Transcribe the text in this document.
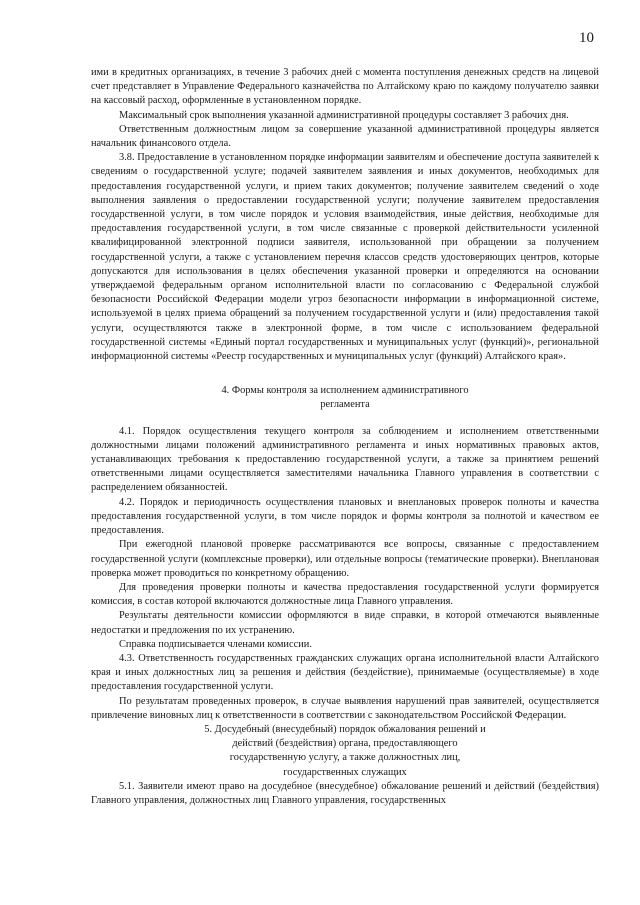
10

ими в кредитных организациях, в течение 3 рабочих дней с момента поступления денежных средств на лицевой счет представляет в Управление Федерального казначейства по Алтайскому краю по каждому получателю заявки на кассовый расход, оформленные в установленном порядке.

Максимальный срок выполнения указанной административной процедуры составляет 3 рабочих дня.

Ответственным должностным лицом за совершение указанной административной процедуры является начальник финансового отдела.

3.8. Предоставление в установленном порядке информации заявителям и обеспечение доступа заявителей к сведениям о государственной услуге; подачей заявителем заявления и иных документов, необходимых для предоставления государственной услуги, и прием таких документов; получение заявителем сведений о ходе выполнения заявления о предоставлении государственной услуги; получение заявителем предоставления государственной услуги, в том числе порядок и условия взаимодействия, иные действия, необходимые для предоставления государственной услуги, в том числе связанные с проверкой действительности усиленной квалифицированной электронной подписи заявителя, использованной при обращении за получением государственной услуги, а также с установлением перечня классов средств удостоверяющих центров, которые допускаются для использования в целях обеспечения указанной проверки и определяются на основании утверждаемой федеральным органом исполнительной власти по согласованию с Федеральной службой безопасности Российской Федерации модели угроз безопасности информации в информационной системе, используемой в целях приема обращений за получением государственной услуги и (или) предоставления такой услуги, осуществляются также в электронной форме, в том числе с использованием федеральной государственной системы «Единый портал государственных и муниципальных услуг (функций)», региональной информационной системы «Реестр государственных и муниципальных услуг (функций) Алтайского края».

4. Формы контроля за исполнением административного
регламента

4.1. Порядок осуществления текущего контроля за соблюдением и исполнением ответственными должностными лицами положений административного регламента и иных нормативных правовых актов, устанавливающих требования к предоставлению государственной услуги, а также за принятием решений ответственными лицами осуществляется заместителями начальника Главного управления в соответствии с распределением обязанностей.

4.2. Порядок и периодичность осуществления плановых и внеплановых проверок полноты и качества предоставления государственной услуги, в том числе порядок и формы контроля за полнотой и качеством ее предоставления.

При ежегодной плановой проверке рассматриваются все вопросы, связанные с предоставлением государственной услуги (комплексные проверки), или отдельные вопросы (тематические проверки). Внеплановая проверка может проводиться по конкретному обращению.

Для проведения проверки полноты и качества предоставления государственной услуги формируется комиссия, в состав которой включаются должностные лица Главного управления.

Результаты деятельности комиссии оформляются в виде справки, в которой отмечаются выявленные недостатки и предложения по их устранению.

Справка подписывается членами комиссии.

4.3. Ответственность государственных гражданских служащих органа исполнительной власти Алтайского края и иных должностных лиц за решения и действия (бездействие), принимаемые (осуществляемые) в ходе предоставления государственной услуги.

По результатам проведенных проверок, в случае выявления нарушений прав заявителей, осуществляется привлечение виновных лиц к ответственности в соответствии с законодательством Российской Федерации.

5. Досудебный (внесудебный) порядок обжалования решений и
действий (бездействия) органа, предоставляющего
государственную услугу, а также должностных лиц,
государственных служащих

5.1. Заявители имеют право на досудебное (внесудебное) обжалование решений и действий (бездействия) Главного управления, должностных лиц Главного управления, государственных
